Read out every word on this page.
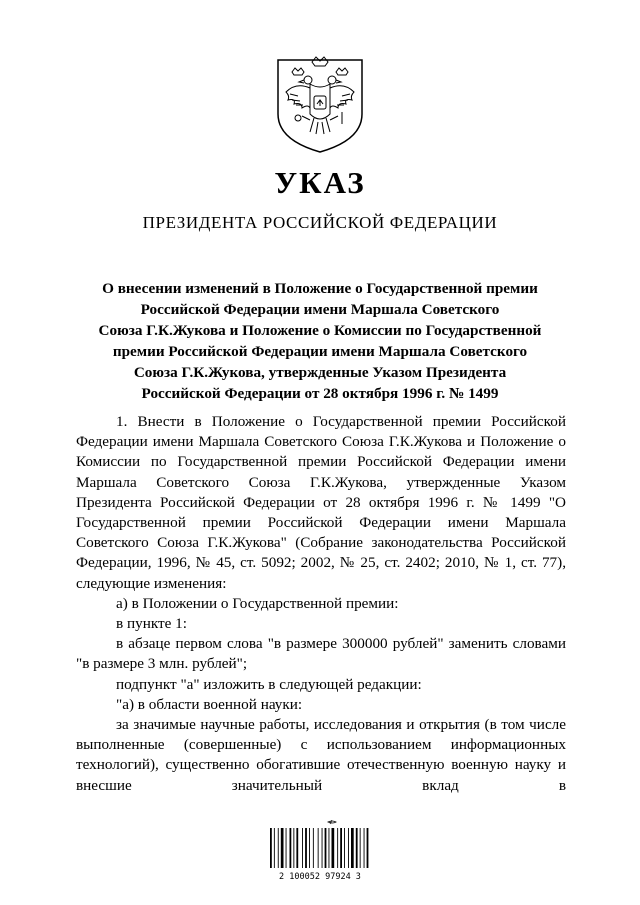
УКАЗ
ПРЕЗИДЕНТА РОССИЙСКОЙ ФЕДЕРАЦИИ
О внесении изменений в Положение о Государственной премии
Российской Федерации имени Маршала Советского
Союза Г.К.Жукова и Положение о Комиссии по Государственной
премии Российской Федерации имени Маршала Советского
Союза Г.К.Жукова, утвержденные Указом Президента
Российской Федерации от 28 октября 1996 г. № 1499

1. Внести в Положение о Государственной премии Российской Федерации имени Маршала Советского Союза Г.К.Жукова и Положение о Комиссии по Государственной премии Российской Федерации имени Маршала Советского Союза Г.К.Жукова, утвержденные Указом Президента Российской Федерации от 28 октября 1996 г. № 1499 "О Государственной премии Российской Федерации имени Маршала Советского Союза Г.К.Жукова" (Собрание законодательства Российской Федерации, 1996, № 45, ст. 5092; 2002, № 25, ст. 2402; 2010, № 1, ст. 77), следующие изменения:

а) в Положении о Государственной премии:

в пункте 1:

в абзаце первом слова "в размере 300000 рублей" заменить словами "в размере 3 млн. рублей";

подпункт "а" изложить в следующей редакции:

"а) в области военной науки:

за значимые научные работы, исследования и открытия (в том числе выполненные (совершенные) с использованием информационных технологий), существенно обогатившие отечественную военную науку и внесшие значительный вклад в

2 100052 97924 3
